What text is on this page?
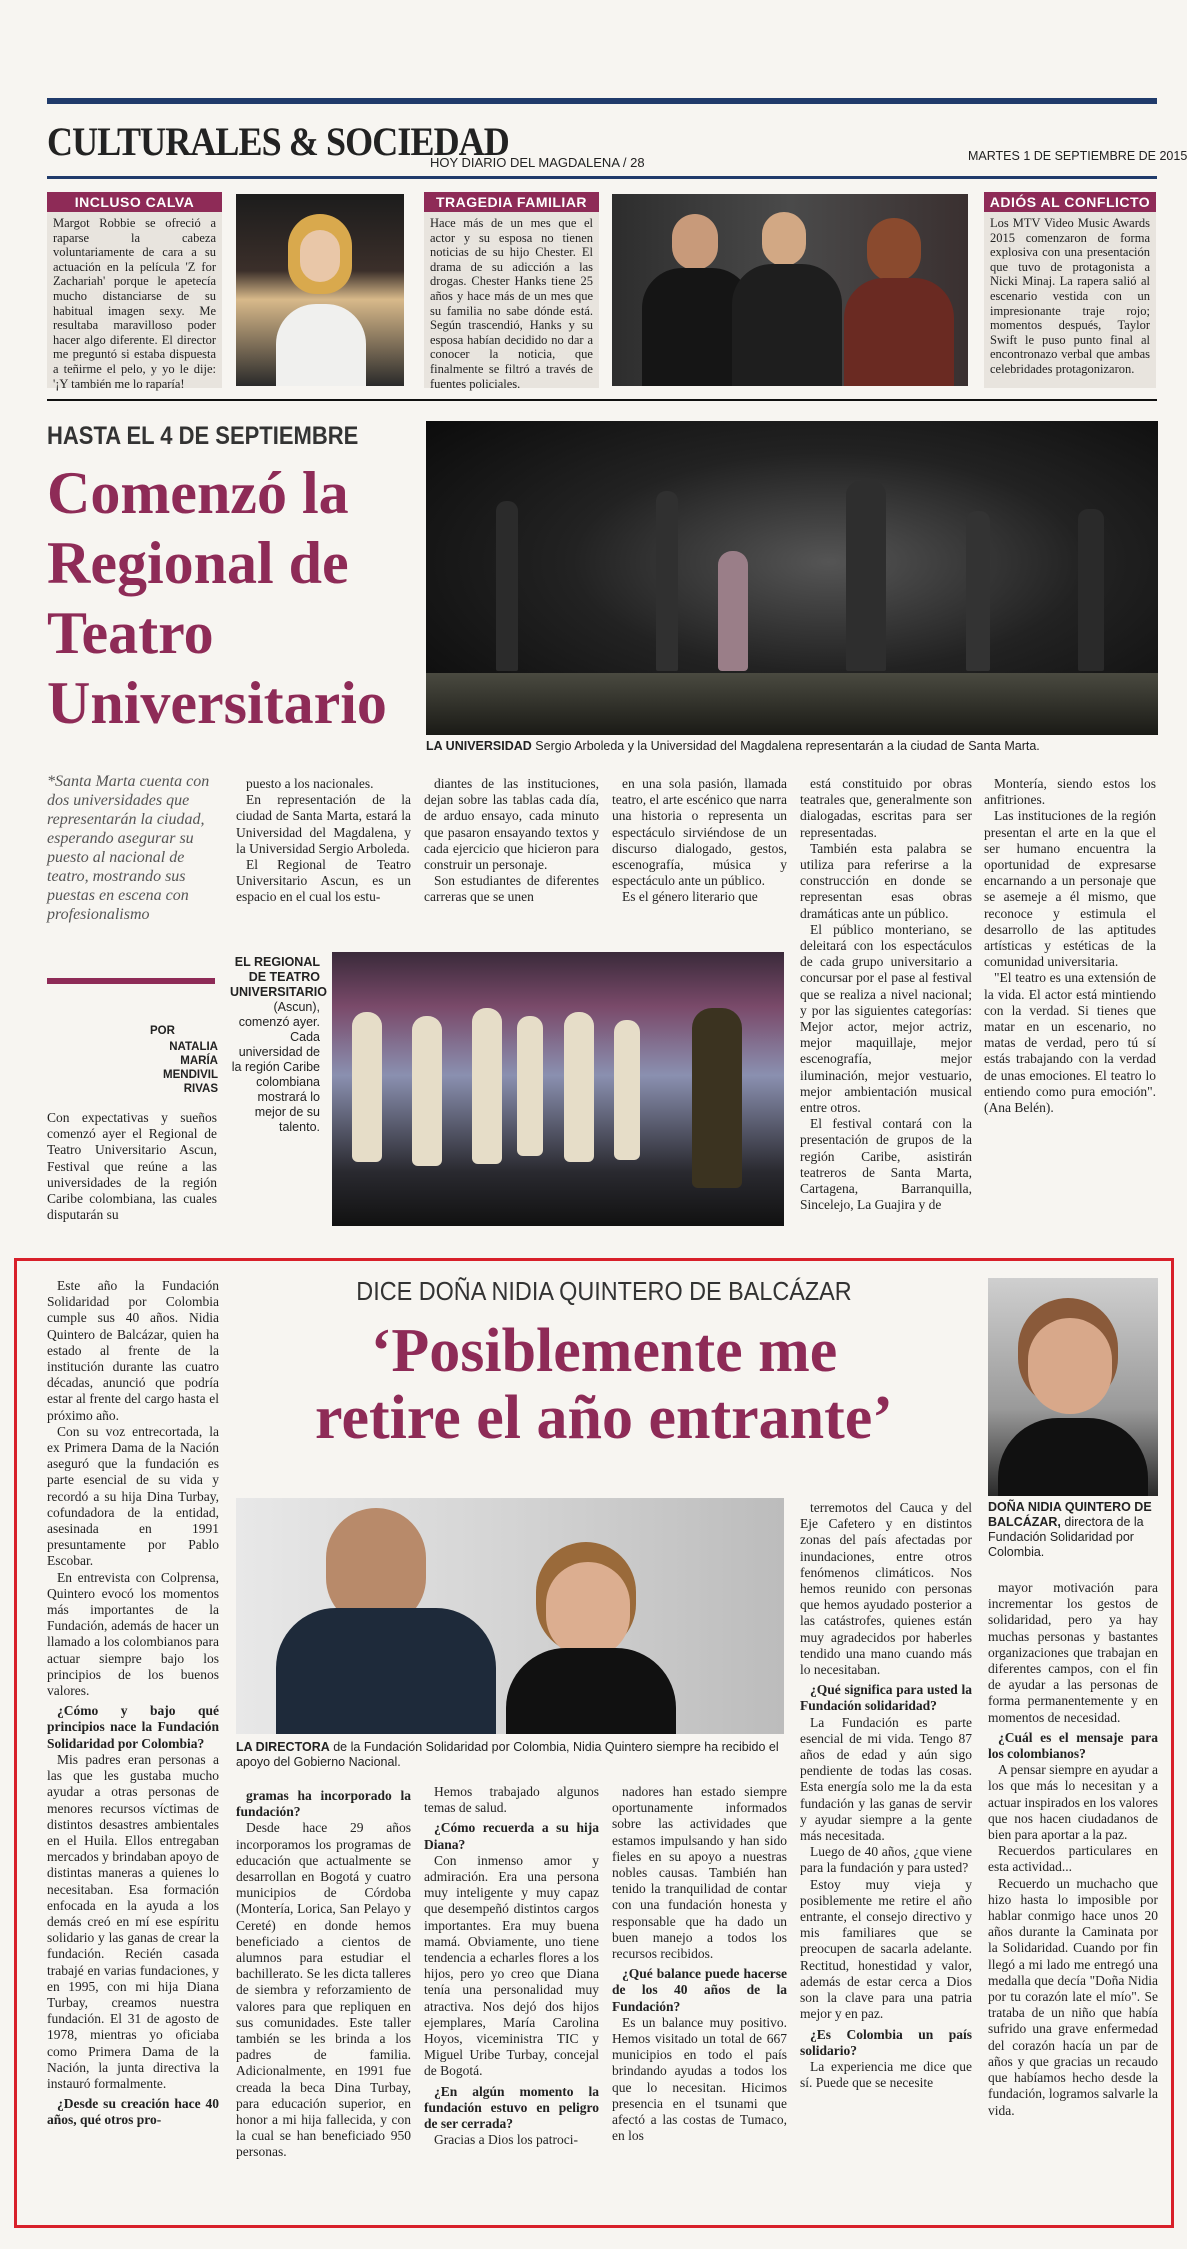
CULTURALES & SOCIEDAD
HOY DIARIO DEL MAGDALENA / 28	MARTES 1 DE SEPTIEMBRE DE 2015
INCLUSO CALVA
Margot Robbie se ofreció a raparse la cabeza voluntariamente de cara a su actuación en la película 'Z for Zachariah' porque le apetecía mucho distanciarse de su habitual imagen sexy. Me resultaba maravilloso poder hacer algo diferente. El director me preguntó si estaba dispuesta a teñirme el pelo, y yo le dije: '¡Y también me lo raparía!
TRAGEDIA FAMILIAR
Hace más de un mes que el actor y su esposa no tienen noticias de su hijo Chester. El drama de su adicción a las drogas. Chester Hanks tiene 25 años y hace más de un mes que su familia no sabe dónde está. Según trascendió, Hanks y su esposa habían decidido no dar a conocer la noticia, que finalmente se filtró a través de fuentes policiales.
ADIÓS AL CONFLICTO
Los MTV Video Music Awards 2015 comenzaron de forma explosiva con una presentación que tuvo de protagonista a Nicki Minaj. La rapera salió al escenario vestida con un impresionante traje rojo; momentos después, Taylor Swift le puso punto final al encontronazo verbal que ambas celebridades protagonizaron.
HASTA EL 4 DE SEPTIEMBRE
Comenzó la Regional de Teatro Universitario
LA UNIVERSIDAD Sergio Arboleda y la Universidad del Magdalena representarán a la ciudad de Santa Marta.
*Santa Marta cuenta con dos universidades que representarán la ciudad, esperando asegurar su puesto al nacional de teatro, mostrando sus puestas en escena con profesionalismo
POR
NATALIA MARÍA MENDIVIL RIVAS
Con expectativas y sueños comenzó ayer el Regional de Teatro Universitario Ascun, Festival que reúne a las universidades de la región Caribe colombiana, las cuales disputarán su

puesto a los nacionales.

En representación de la ciudad de Santa Marta, estará la Universidad del Magdalena, y la Universidad Sergio Arboleda.

El Regional de Teatro Universitario Ascun, es un espacio en el cual los estu-

diantes de las instituciones, dejan sobre las tablas cada día, de arduo ensayo, cada minuto que pasaron ensayando textos y cada ejercicio que hicieron para construir un personaje.

Son estudiantes de diferentes carreras que se unen

en una sola pasión, llamada teatro, el arte escénico que narra una historia o representa un espectáculo sirviéndose de un discurso dialogado, gestos, escenografía, música y espectáculo ante un público.

Es el género literario que

está constituido por obras teatrales que, generalmente son dialogadas, escritas para ser representadas.

También esta palabra se utiliza para referirse a la construcción en donde se representan esas obras dramáticas ante un público.

El público monteriano, se deleitará con los espectáculos de cada grupo universitario a concursar por el pase al festival que se realiza a nivel nacional; y por las siguientes categorías: Mejor actor, mejor actriz, mejor maquillaje, mejor escenografía, mejor iluminación, mejor vestuario, mejor ambientación musical entre otros.

El festival contará con la presentación de grupos de la región Caribe, asistirán teatreros de Santa Marta, Cartagena, Barranquilla, Sincelejo, La Guajira y de

Montería, siendo estos los anfitriones.

Las instituciones de la región presentan el arte en la que el ser humano encuentra la oportunidad de expresarse encarnando a un personaje que se asemeje a él mismo, que reconoce y estimula el desarrollo de las aptitudes artísticas y estéticas de la comunidad universitaria.

"El teatro es una extensión de la vida. El actor está mintiendo con la verdad. Si tienes que matar en un escenario, no matas de verdad, pero tú sí estás trabajando con la verdad de unas emociones. El teatro lo entiendo como pura emoción". (Ana Belén).

EL REGIONAL DE TEATRO UNIVERSITARIO (Ascun), comenzó ayer. Cada universidad de la región Caribe colombiana mostrará lo mejor de su talento.

Este año la Fundación Solidaridad por Colombia cumple sus 40 años. Nidia Quintero de Balcázar, quien ha estado al frente de la institución durante las cuatro décadas, anunció que podría estar al frente del cargo hasta el próximo año.

Con su voz entrecortada, la ex Primera Dama de la Nación aseguró que la fundación es parte esencial de su vida y recordó a su hija Dina Turbay, cofundadora de la entidad, asesinada en 1991 presuntamente por Pablo Escobar.

En entrevista con Colprensa, Quintero evocó los momentos más importantes de la Fundación, además de hacer un llamado a los colombianos para actuar siempre bajo los principios de los buenos valores.

¿Cómo y bajo qué principios nace la Fundación Solidaridad por Colombia?

Mis padres eran personas a las que les gustaba mucho ayudar a otras personas de menores recursos víctimas de distintos desastres ambientales en el Huila. Ellos entregaban mercados y brindaban apoyo de distintas maneras a quienes lo necesitaban. Esa formación enfocada en la ayuda a los demás creó en mí ese espíritu solidario y las ganas de crear la fundación. Recién casada trabajé en varias fundaciones, y en 1995, con mi hija Diana Turbay, creamos nuestra fundación. El 31 de agosto de 1978, mientras yo oficiaba como Primera Dama de la Nación, la junta directiva la instauró formalmente.

¿Desde su creación hace 40 años, qué otros pro-

DICE DOÑA NIDIA QUINTERO DE BALCÁZAR
‘Posiblemente me
retire el año entrante’
DOÑA NIDIA QUINTERO DE BALCÁZAR, directora de la Fundación Solidaridad por Colombia.
LA DIRECTORA de la Fundación Solidaridad por Colombia, Nidia Quintero siempre ha recibido el apoyo del Gobierno Nacional.

gramas ha incorporado la fundación?

Desde hace 29 años incorporamos los programas de educación que actualmente se desarrollan en Bogotá y cuatro municipios de Córdoba (Montería, Lorica, San Pelayo y Cereté) en donde hemos beneficiado a cientos de alumnos para estudiar el bachillerato. Se les dicta talleres de siembra y reforzamiento de valores para que repliquen en sus comunidades. Este taller también se les brinda a los padres de familia. Adicionalmente, en 1991 fue creada la beca Dina Turbay, para educación superior, en honor a mi hija fallecida, y con la cual se han beneficiado 950 personas.

Hemos trabajado algunos temas de salud.

¿Cómo recuerda a su hija Diana?

Con inmenso amor y admiración. Era una persona muy inteligente y muy capaz que desempeñó distintos cargos importantes. Era muy buena mamá. Obviamente, uno tiene tendencia a echarles flores a los hijos, pero yo creo que Diana tenía una personalidad muy atractiva. Nos dejó dos hijos ejemplares, María Carolina Hoyos, viceministra TIC y Miguel Uribe Turbay, concejal de Bogotá.

¿En algún momento la fundación estuvo en peligro de ser cerrada?

Gracias a Dios los patroci-

nadores han estado siempre oportunamente informados sobre las actividades que estamos impulsando y han sido fieles en su apoyo a nuestras nobles causas. También han tenido la tranquilidad de contar con una fundación honesta y responsable que ha dado un buen manejo a todos los recursos recibidos.

¿Qué balance puede hacerse de los 40 años de la Fundación?

Es un balance muy positivo. Hemos visitado un total de 667 municipios en todo el país brindando ayudas a todos los que lo necesitan. Hicimos presencia en el tsunami que afectó a las costas de Tumaco, en los

terremotos del Cauca y del Eje Cafetero y en distintos zonas del país afectadas por inundaciones, entre otros fenómenos climáticos. Nos hemos reunido con personas que hemos ayudado posterior a las catástrofes, quienes están muy agradecidos por haberles tendido una mano cuando más lo necesitaban.

¿Qué significa para usted la Fundación solidaridad?

La Fundación es parte esencial de mi vida. Tengo 87 años de edad y aún sigo pendiente de todas las cosas. Esta energía solo me la da esta fundación y las ganas de servir y ayudar siempre a la gente más necesitada.

Luego de 40 años, ¿que viene para la fundación y para usted?

Estoy muy vieja y posiblemente me retire el año entrante, el consejo directivo y mis familiares que se preocupen de sacarla adelante. Rectitud, honestidad y valor, además de estar cerca a Dios son la clave para una patria mejor y en paz.

¿Es Colombia un país solidario?

La experiencia me dice que sí. Puede que se necesite

mayor motivación para incrementar los gestos de solidaridad, pero ya hay muchas personas y bastantes organizaciones que trabajan en diferentes campos, con el fin de ayudar a las personas de forma permanentemente y en momentos de necesidad.

¿Cuál es el mensaje para los colombianos?

A pensar siempre en ayudar a los que más lo necesitan y a actuar inspirados en los valores que nos hacen ciudadanos de bien para aportar a la paz.

Recuerdos particulares en esta actividad...

Recuerdo un muchacho que hizo hasta lo imposible por hablar conmigo hace unos 20 años durante la Caminata por la Solidaridad. Cuando por fin llegó a mi lado me entregó una medalla que decía "Doña Nidia por tu corazón late el mío". Se trataba de un niño que había sufrido una grave enfermedad del corazón hacía un par de años y que gracias un recaudo que habíamos hecho desde la fundación, logramos salvarle la vida.
